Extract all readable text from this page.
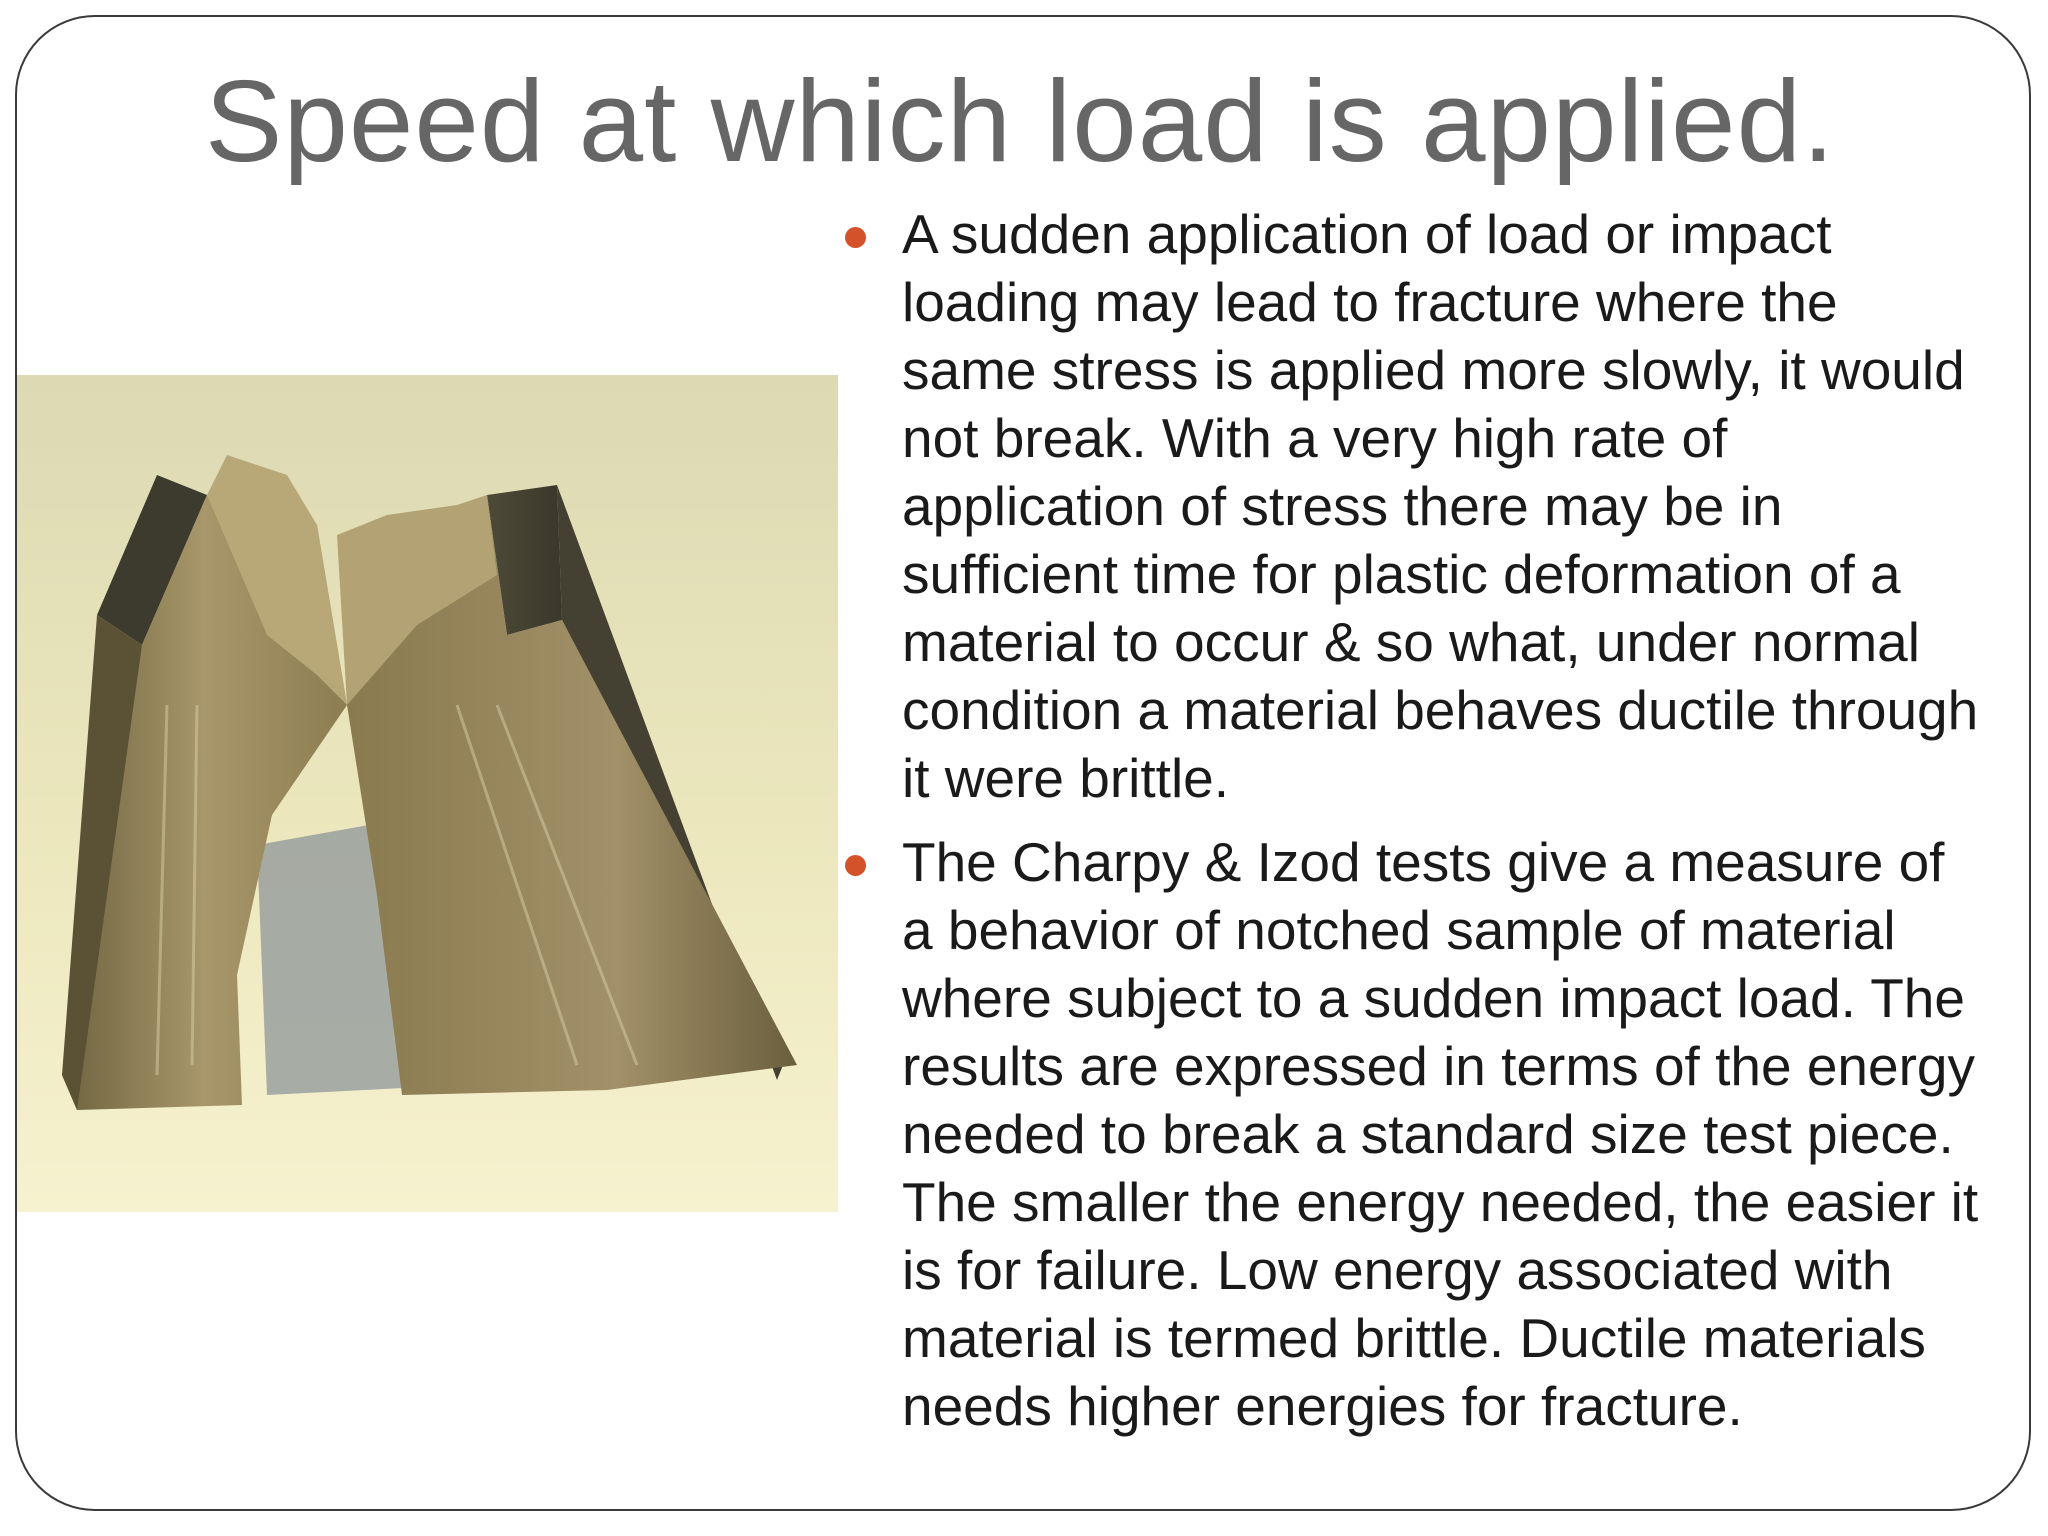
Speed at which load is applied.
A sudden application of load or impact loading may lead to fracture where the same stress is applied more slowly, it would not break. With a very high rate of application of stress there may be in sufficient time for plastic deformation of a material to occur & so what, under normal condition a material behaves ductile through it were brittle.
The Charpy & Izod tests give a measure of a behavior of notched sample of material where subject to a sudden impact load. The results are expressed in terms of the energy needed to break a standard size test piece. The smaller the energy needed, the easier it is for failure. Low energy associated with material is termed brittle. Ductile materials needs higher energies for fracture.
